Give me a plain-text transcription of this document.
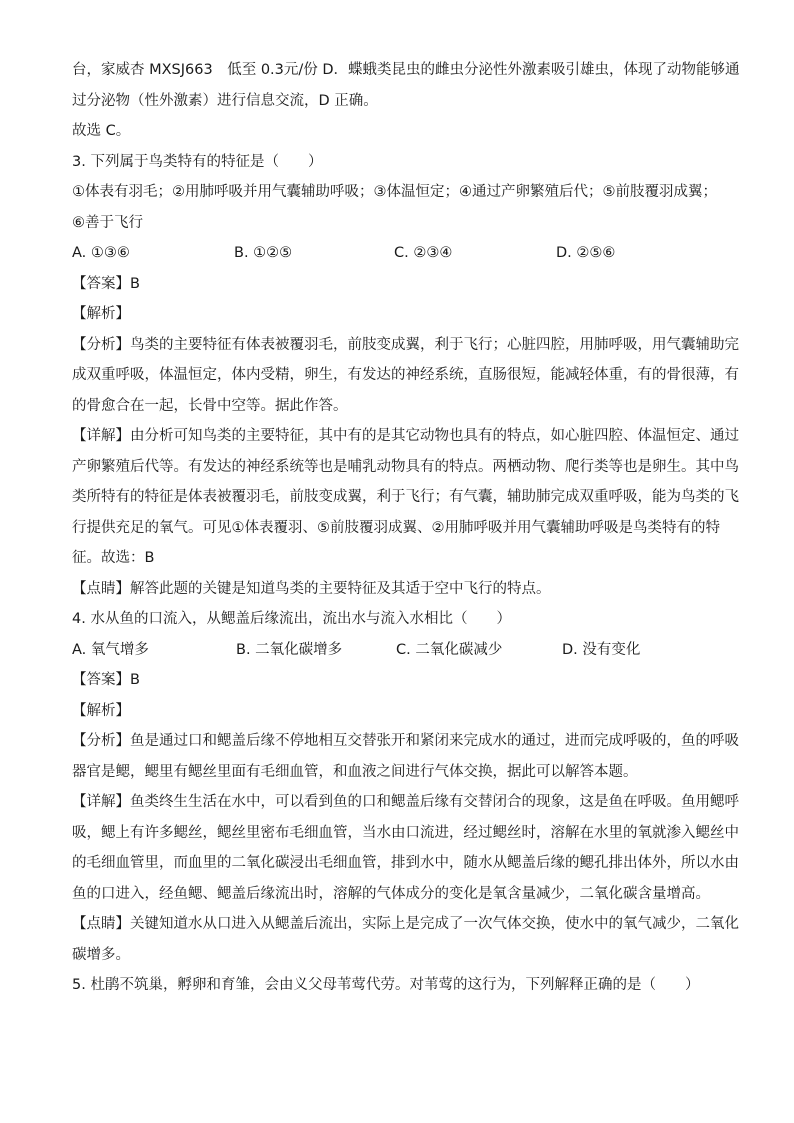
台，家威杏 MXSJ663　低至 0.3元/份 D．蝶蛾类昆虫的雌虫分泌性外激素吸引雄虫，体现了动物能够通

过分泌物（性外激素）进行信息交流，D 正确。

故选 C。

3. 下列属于鸟类特有的特征是（　　）

①体表有羽毛；②用肺呼吸并用气囊辅助呼吸；③体温恒定；④通过产卵繁殖后代；⑤前肢覆羽成翼；

⑥善于飞行

A. ①③⑥	B. ①②⑤	C. ②③④	D. ②⑤⑥

【答案】B

【解析】

【分析】鸟类的主要特征有体表被覆羽毛，前肢变成翼，利于飞行；心脏四腔，用肺呼吸，用气囊辅助完

成双重呼吸，体温恒定，体内受精，卵生，有发达的神经系统，直肠很短，能减轻体重，有的骨很薄，有

的骨愈合在一起，长骨中空等。据此作答。

【详解】由分析可知鸟类的主要特征，其中有的是其它动物也具有的特点，如心脏四腔、体温恒定、通过

产卵繁殖后代等。有发达的神经系统等也是哺乳动物具有的特点。两栖动物、爬行类等也是卵生。其中鸟

类所特有的特征是体表被覆羽毛，前肢变成翼，利于飞行；有气囊，辅助肺完成双重呼吸，能为鸟类的飞

行提供充足的氧气。可见①体表覆羽、⑤前肢覆羽成翼、②用肺呼吸并用气囊辅助呼吸是鸟类特有的特

征。故选：B

【点睛】解答此题的关键是知道鸟类的主要特征及其适于空中飞行的特点。

4. 水从鱼的口流入，从鳃盖后缘流出，流出水与流入水相比（　　）

A. 氧气增多	B. 二氧化碳增多	C. 二氧化碳减少	D. 没有变化

【答案】B

【解析】

【分析】鱼是通过口和鳃盖后缘不停地相互交替张开和紧闭来完成水的通过，进而完成呼吸的，鱼的呼吸

器官是鳃，鳃里有鳃丝里面有毛细血管，和血液之间进行气体交换，据此可以解答本题。

【详解】鱼类终生生活在水中，可以看到鱼的口和鳃盖后缘有交替闭合的现象，这是鱼在呼吸。鱼用鳃呼

吸，鳃上有许多鳃丝，鳃丝里密布毛细血管，当水由口流进，经过鳃丝时，溶解在水里的氧就渗入鳃丝中

的毛细血管里，而血里的二氧化碳浸出毛细血管，排到水中，随水从鳃盖后缘的鳃孔排出体外，所以水由

鱼的口进入，经鱼鳃、鳃盖后缘流出时，溶解的气体成分的变化是氧含量减少，二氧化碳含量增高。

【点睛】关键知道水从口进入从鳃盖后流出，实际上是完成了一次气体交换，使水中的氧气减少，二氧化

碳增多。

5. 杜鹃不筑巢，孵卵和育雏，会由义父母苇莺代劳。对苇莺的这行为，下列解释正确的是（　　）
